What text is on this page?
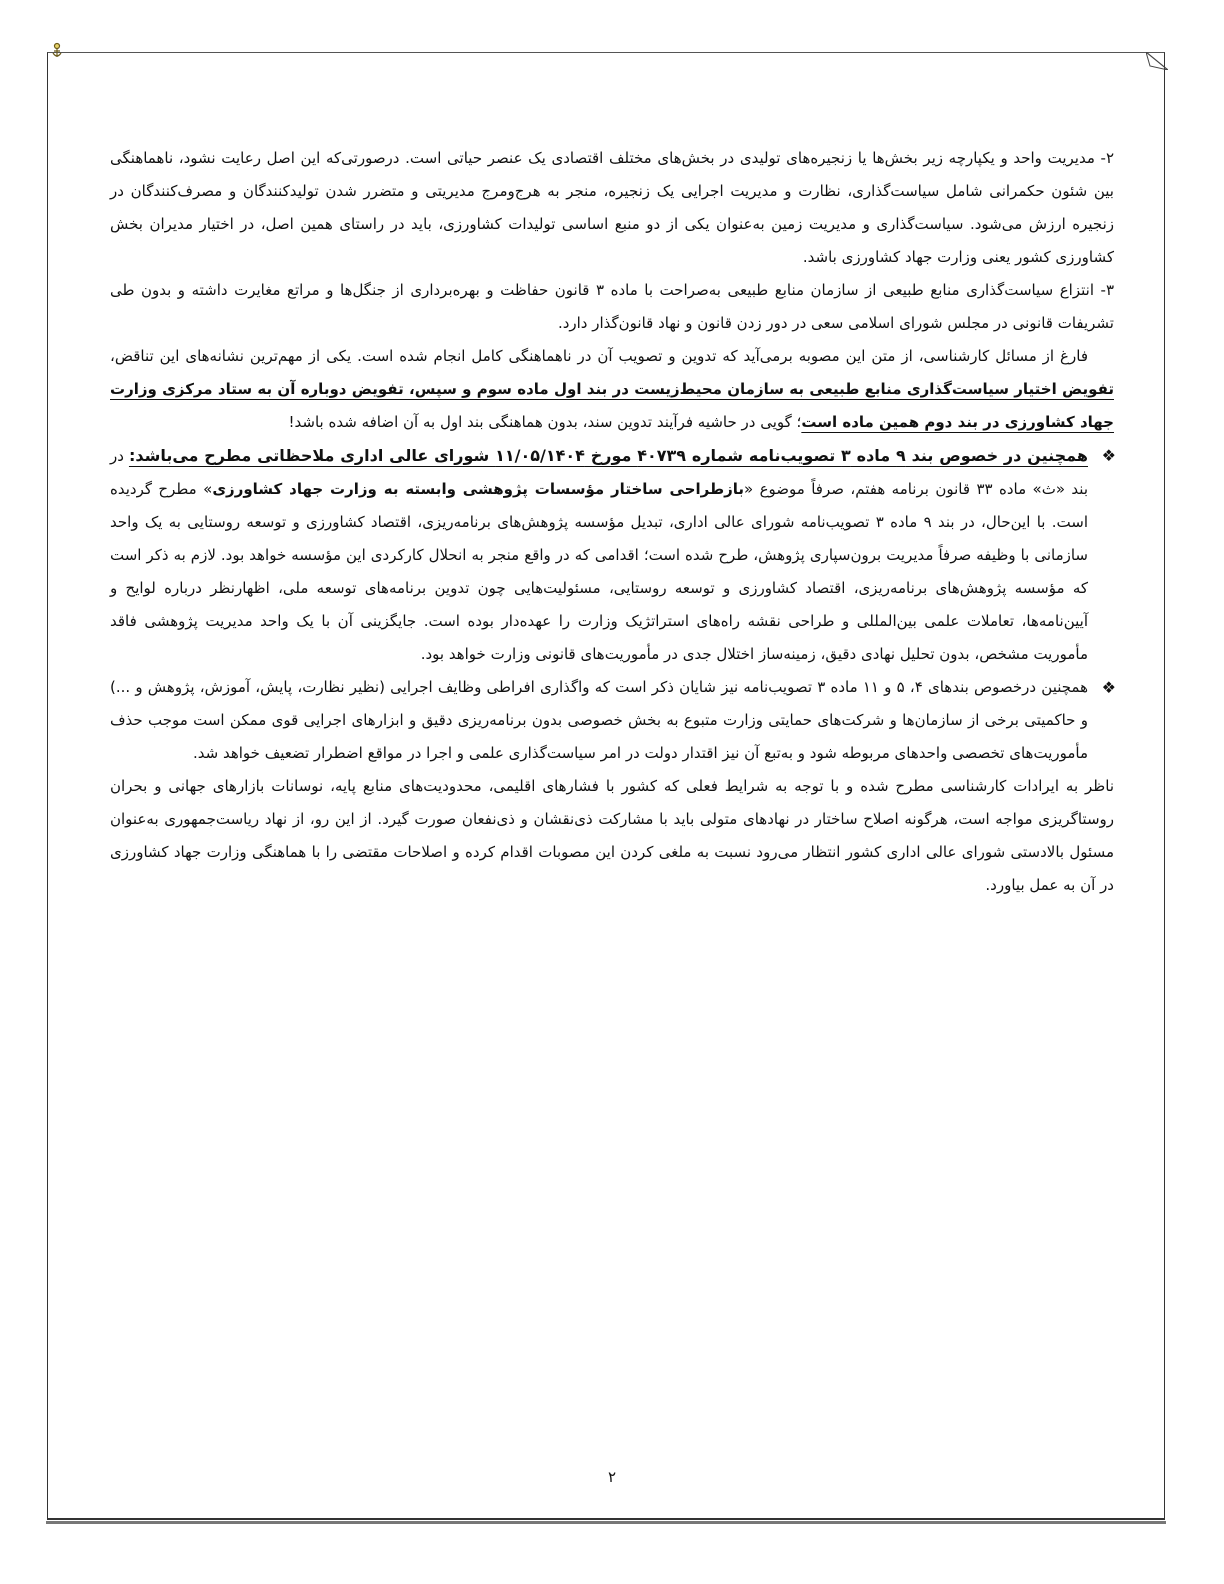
۲- مدیریت واحد و یکپارچه زیر بخش‌ها یا زنجیره‌های تولیدی در بخش‌های مختلف اقتصادی یک عنصر حیاتی است. درصورتی‌که این اصل رعایت نشود، ناهماهنگی بین شئون حکمرانی شامل سیاست‌گذاری، نظارت و مدیریت اجرایی یک زنجیره، منجر به هرج‌ومرج مدیریتی و متضرر شدن تولیدکنندگان و مصرف‌کنندگان در زنجیره ارزش می‌شود. سیاست‌گذاری و مدیریت زمین به‌عنوان یکی از دو منبع اساسی تولیدات کشاورزی، باید در راستای همین اصل، در اختیار مدیران بخش کشاورزی کشور یعنی وزارت جهاد کشاورزی باشد.

۳- انتزاع سیاست‌گذاری منابع طبیعی از سازمان منابع طبیعی به‌صراحت با ماده ۳ قانون حفاظت و بهره‌برداری از جنگل‌ها و مراتع مغایرت داشته و بدون طی تشریفات قانونی در مجلس شورای اسلامی سعی در دور زدن قانون و نهاد قانون‌گذار دارد.

فارغ از مسائل کارشناسی، از متن این مصوبه برمی‌آید که تدوین و تصویب آن در ناهماهنگی کامل انجام شده است. یکی از مهم‌ترین نشانه‌های این تناقض، تفویض اختیار سیاست‌گذاری منابع طبیعی به سازمان محیط‌زیست در بند اول ماده سوم و سپس، تفویض دوباره آن به ستاد مرکزی وزارت جهاد کشاورزی در بند دوم همین ماده است؛ گویی در حاشیه فرآیند تدوین سند، بدون هماهنگی بند اول به آن اضافه شده باشد!

❖

همچنین در خصوص بند ۹ ماده ۳ تصویب‌نامه شماره ۴۰۷۳۹ مورخ ۱۱/۰۵/۱۴۰۴ شورای عالی اداری ملاحظاتی مطرح می‌باشد: در بند «ث» ماده ۳۳ قانون برنامه هفتم، صرفاً موضوع «بازطراحی ساختار مؤسسات پژوهشی وابسته به وزارت جهاد کشاورزی» مطرح گردیده است. با این‌حال، در بند ۹ ماده ۳ تصویب‌نامه شورای عالی اداری، تبدیل مؤسسه پژوهش‌های برنامه‌ریزی، اقتصاد کشاورزی و توسعه روستایی به یک واحد سازمانی با وظیفه صرفاً مدیریت برون‌سپاری پژوهش، طرح شده است؛ اقدامی که در واقع منجر به انحلال کارکردی این مؤسسه خواهد بود. لازم به ذکر است که مؤسسه پژوهش‌های برنامه‌ریزی، اقتصاد کشاورزی و توسعه روستایی، مسئولیت‌هایی چون تدوین برنامه‌های توسعه ملی، اظهارنظر درباره لوایح و آیین‌نامه‌ها، تعاملات علمی بین‌المللی و طراحی نقشه راه‌های استراتژیک وزارت را عهده‌دار بوده است. جایگزینی آن با یک واحد مدیریت پژوهشی فاقد مأموریت مشخص، بدون تحلیل نهادی دقیق، زمینه‌ساز اختلال جدی در مأموریت‌های قانونی وزارت خواهد بود.

❖

همچنین درخصوص بندهای ۴، ۵ و ۱۱ ماده ۳ تصویب‌نامه نیز شایان ذکر است که واگذاری افراطی وظایف اجرایی (نظیر نظارت، پایش، آموزش، پژوهش و ...) و حاکمیتی برخی از سازمان‌ها و شرکت‌های حمایتی وزارت متبوع به بخش خصوصی بدون برنامه‌ریزی دقیق و ابزارهای اجرایی قوی ممکن است موجب حذف مأموریت‌های تخصصی واحدهای مربوطه شود و به‌تبع آن نیز اقتدار دولت در امر سیاست‌گذاری علمی و اجرا در مواقع اضطرار تضعیف خواهد شد.

ناظر به ایرادات کارشناسی مطرح شده و با توجه به شرایط فعلی که کشور با فشارهای اقلیمی، محدودیت‌های منابع پایه، نوسانات بازارهای جهانی و بحران روستاگریزی مواجه است، هرگونه اصلاح ساختار در نهادهای متولی باید با مشارکت ذی‌نقشان و ذی‌نفعان صورت گیرد. از این رو، از نهاد ریاست‌جمهوری به‌عنوان مسئول بالادستی شورای عالی اداری کشور انتظار می‌رود نسبت به ملغی کردن این مصوبات اقدام کرده و اصلاحات مقتضی را با هماهنگی وزارت جهاد کشاورزی در آن به عمل بیاورد.

۲
